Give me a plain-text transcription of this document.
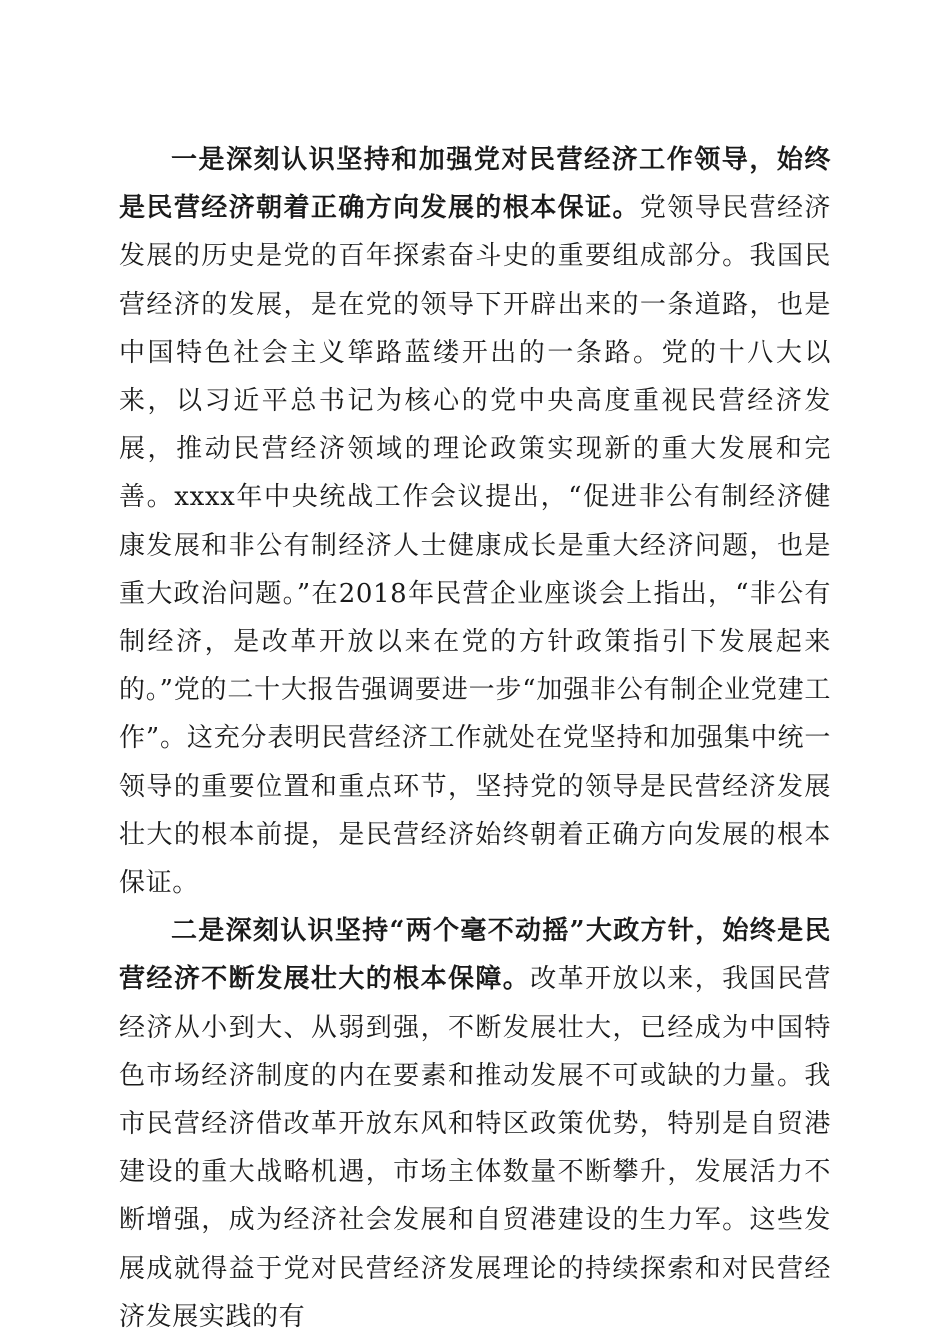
一是深刻认识坚持和加强党对民营经济工作领导，始终是民营经济朝着正确方向发展的根本保证。党领导民营经济发展的历史是党的百年探索奋斗史的重要组成部分。我国民营经济的发展，是在党的领导下开辟出来的一条道路，也是中国特色社会主义筚路蓝缕开出的一条路。党的十八大以来，以习近平总书记为核心的党中央高度重视民营经济发展，推动民营经济领域的理论政策实现新的重大发展和完善。xxxx年中央统战工作会议提出，“促进非公有制经济健康发展和非公有制经济人士健康成长是重大经济问题，也是重大政治问题。”在2018年民营企业座谈会上指出，“非公有制经济，是改革开放以来在党的方针政策指引下发展起来的。”党的二十大报告强调要进一步“加强非公有制企业党建工作”。这充分表明民营经济工作就处在党坚持和加强集中统一领导的重要位置和重点环节，坚持党的领导是民营经济发展壮大的根本前提，是民营经济始终朝着正确方向发展的根本保证。

二是深刻认识坚持“两个毫不动摇”大政方针，始终是民营经济不断发展壮大的根本保障。改革开放以来，我国民营经济从小到大、从弱到强，不断发展壮大，已经成为中国特色市场经济制度的内在要素和推动发展不可或缺的力量。我市民营经济借改革开放东风和特区政策优势，特别是自贸港建设的重大战略机遇，市场主体数量不断攀升，发展活力不断增强，成为经济社会发展和自贸港建设的生力军。这些发展成就得益于党对民营经济发展理论的持续探索和对民营经济发展实践的有
